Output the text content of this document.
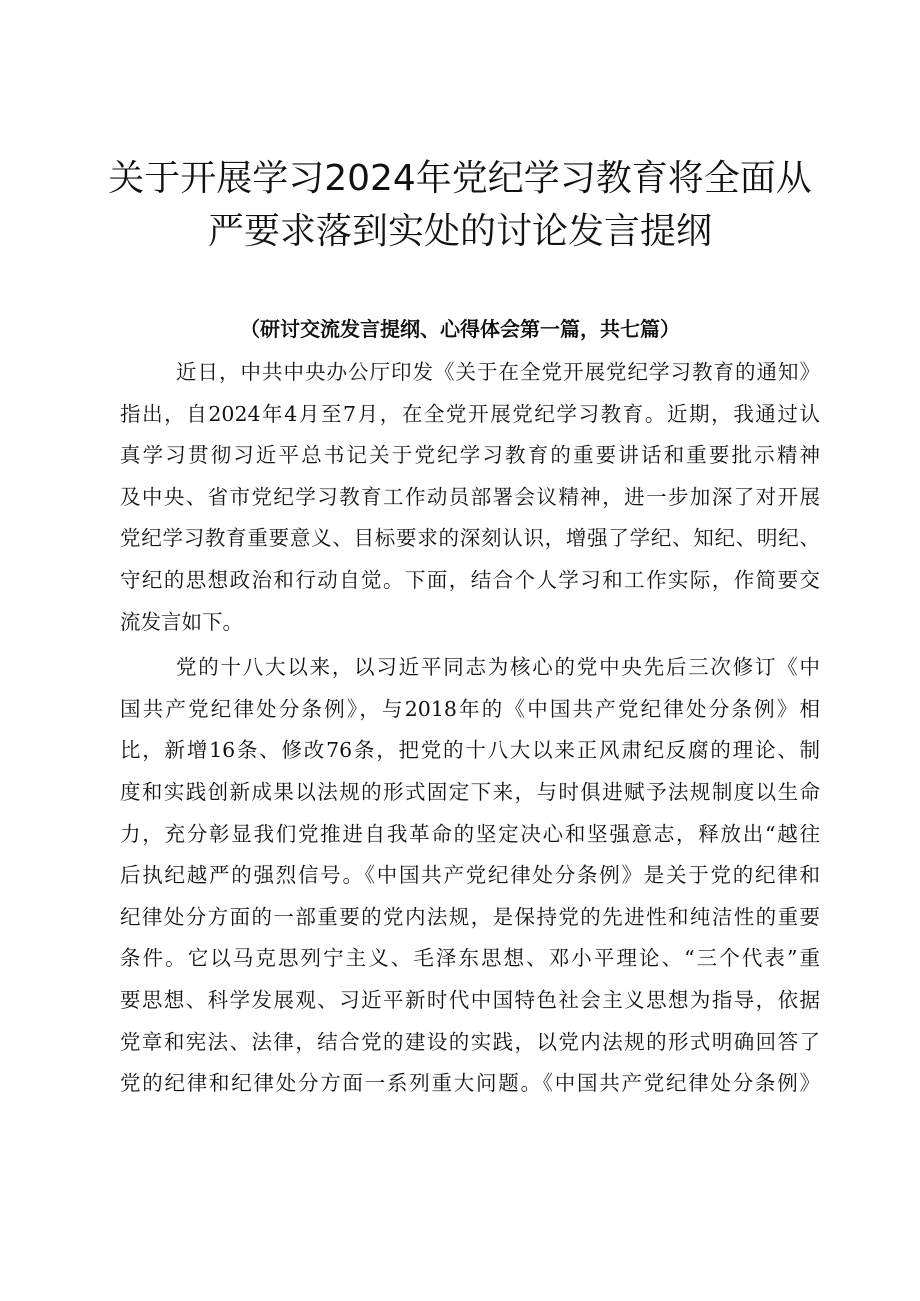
关于开展学习2024年党纪学习教育将全面从
严要求落到实处的讨论发言提纲

（研讨交流发言提纲、心得体会第一篇，共七篇）

近日，中共中央办公厅印发《关于在全党开展党纪学习教育的通知》
指出，自2024年4月至7月，在全党开展党纪学习教育。近期，我通过认
真学习贯彻习近平总书记关于党纪学习教育的重要讲话和重要批示精神
及中央、省市党纪学习教育工作动员部署会议精神，进一步加深了对开展
党纪学习教育重要意义、目标要求的深刻认识，增强了学纪、知纪、明纪、
守纪的思想政治和行动自觉。下面，结合个人学习和工作实际，作简要交
流发言如下。
党的十八大以来，以习近平同志为核心的党中央先后三次修订《中
国共产党纪律处分条例》，与2018年的《中国共产党纪律处分条例》相
比，新增16条、修改76条，把党的十八大以来正风肃纪反腐的理论、制
度和实践创新成果以法规的形式固定下来，与时俱进赋予法规制度以生命
力，充分彰显我们党推进自我革命的坚定决心和坚强意志，释放出“越往
后执纪越严的强烈信号。《中国共产党纪律处分条例》是关于党的纪律和
纪律处分方面的一部重要的党内法规，是保持党的先进性和纯洁性的重要
条件。它以马克思列宁主义、毛泽东思想、邓小平理论、“三个代表”重
要思想、科学发展观、习近平新时代中国特色社会主义思想为指导，依据
党章和宪法、法律，结合党的建设的实践，以党内法规的形式明确回答了
党的纪律和纪律处分方面一系列重大问题。《中国共产党纪律处分条例》
